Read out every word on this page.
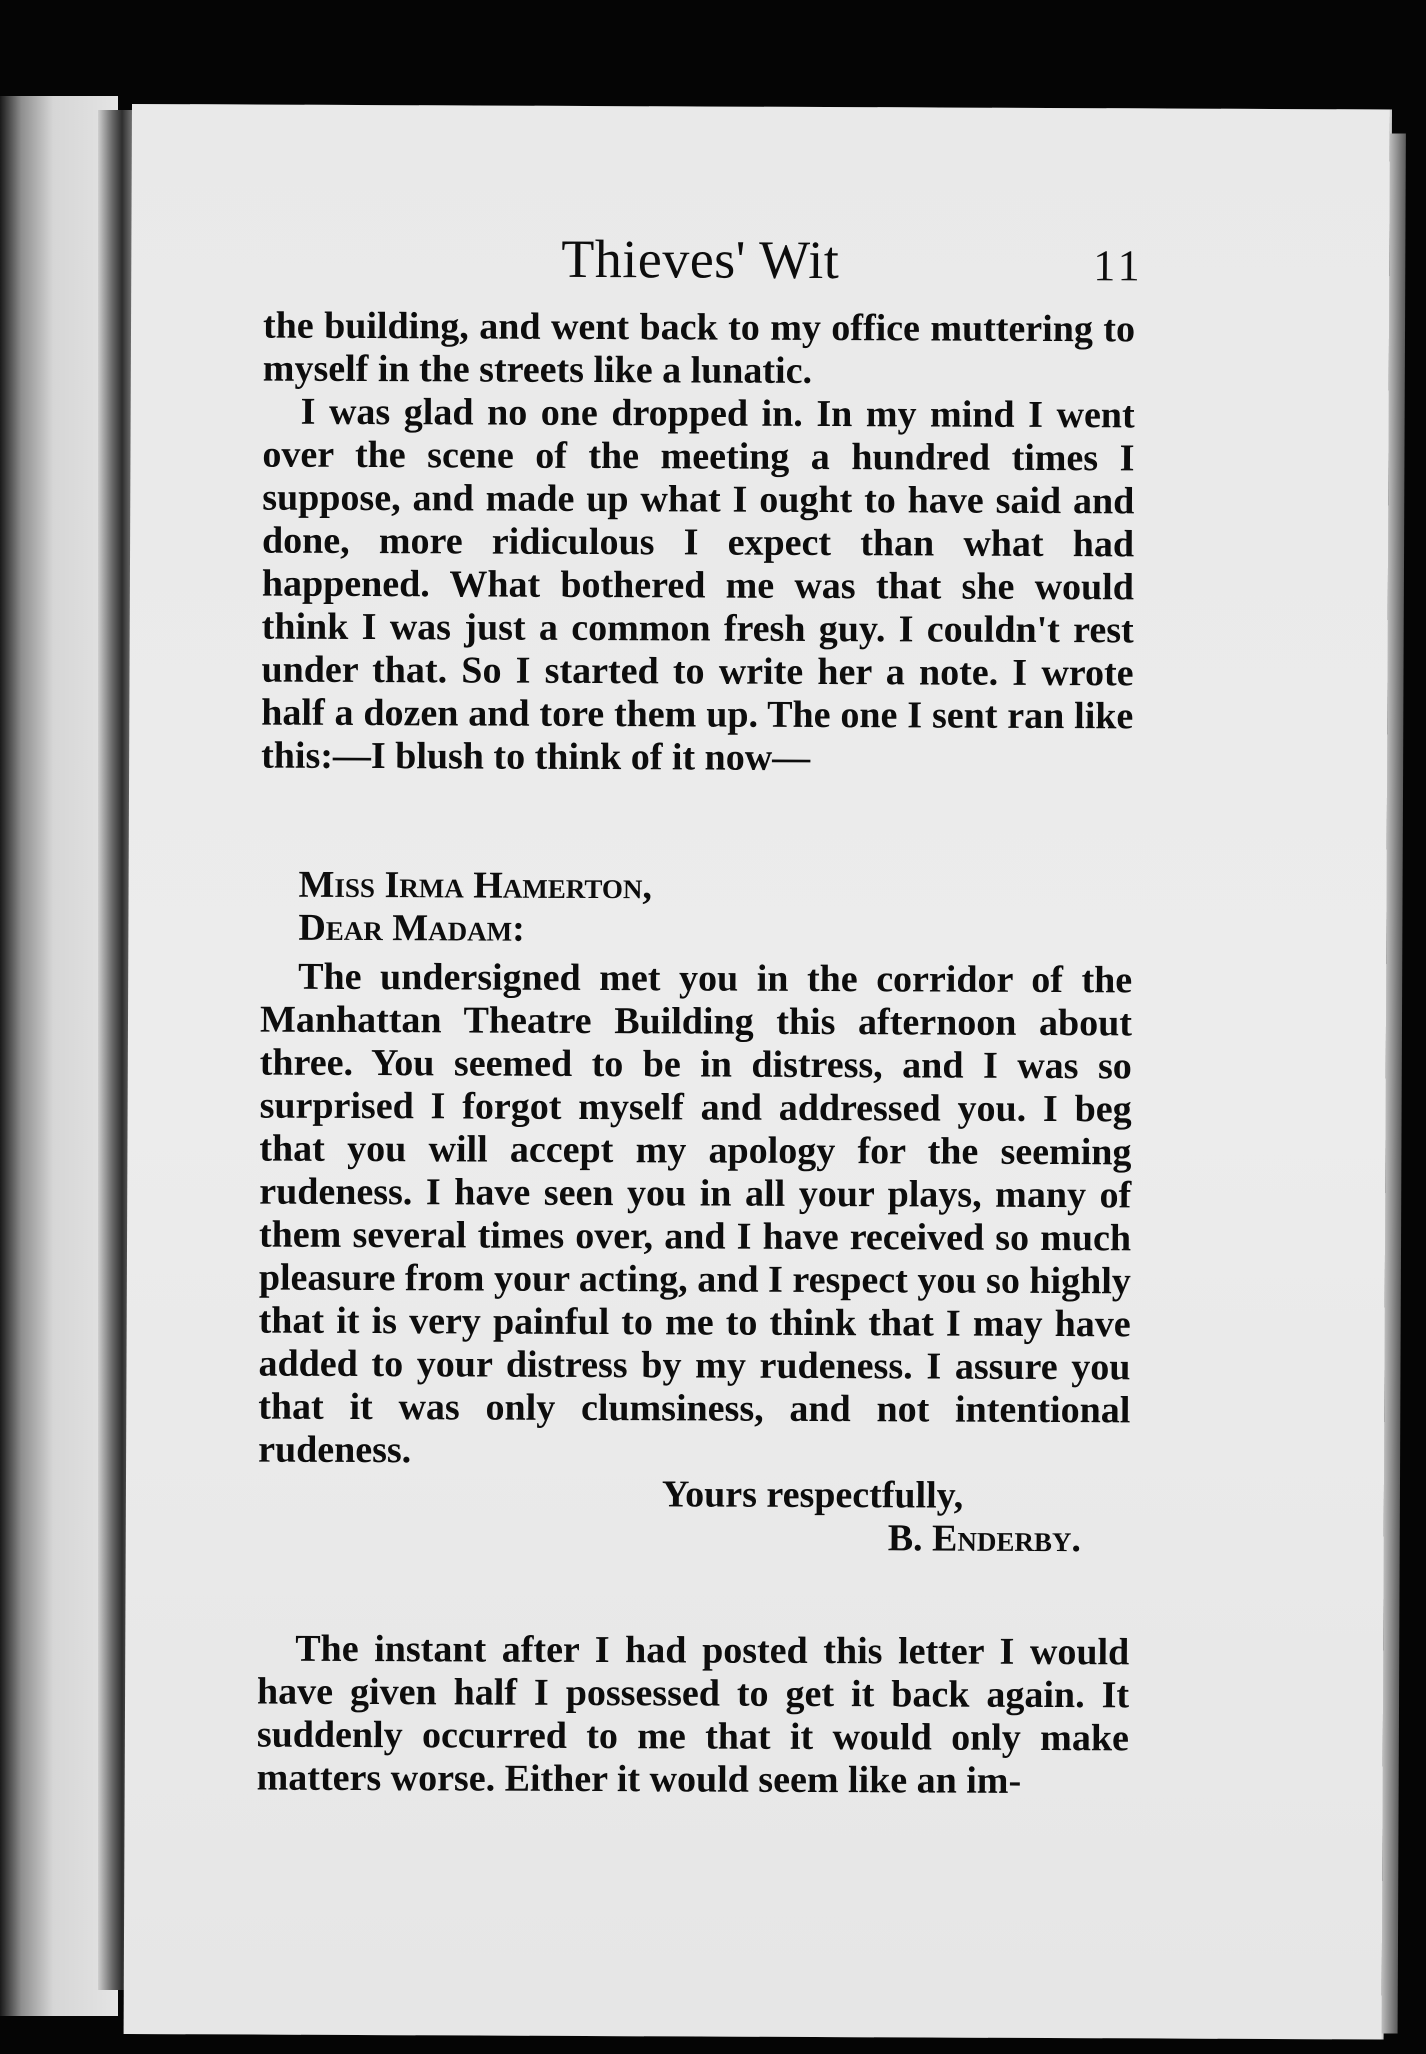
Thieves' Wit	11

the building, and went back to my office muttering to myself in the streets like a lunatic.

I was glad no one dropped in. In my mind I went over the scene of the meeting a hundred times I suppose, and made up what I ought to have said and done, more ridiculous I expect than what had happened. What bothered me was that she would think I was just a common fresh guy. I couldn't rest under that. So I started to write her a note. I wrote half a dozen and tore them up. The one I sent ran like this:—I blush to think of it now—

Miss Irma Hamerton,

Dear Madam:

The undersigned met you in the corridor of the Manhattan Theatre Building this afternoon about three. You seemed to be in distress, and I was so surprised I forgot myself and addressed you. I beg that you will accept my apology for the seeming rudeness. I have seen you in all your plays, many of them several times over, and I have received so much pleasure from your acting, and I respect you so highly that it is very painful to me to think that I may have added to your distress by my rudeness. I assure you that it was only clumsiness, and not intentional rudeness.

Yours respectfully,

B. Enderby.

The instant after I had posted this letter I would have given half I possessed to get it back again. It suddenly occurred to me that it would only make matters worse. Either it would seem like an im-
